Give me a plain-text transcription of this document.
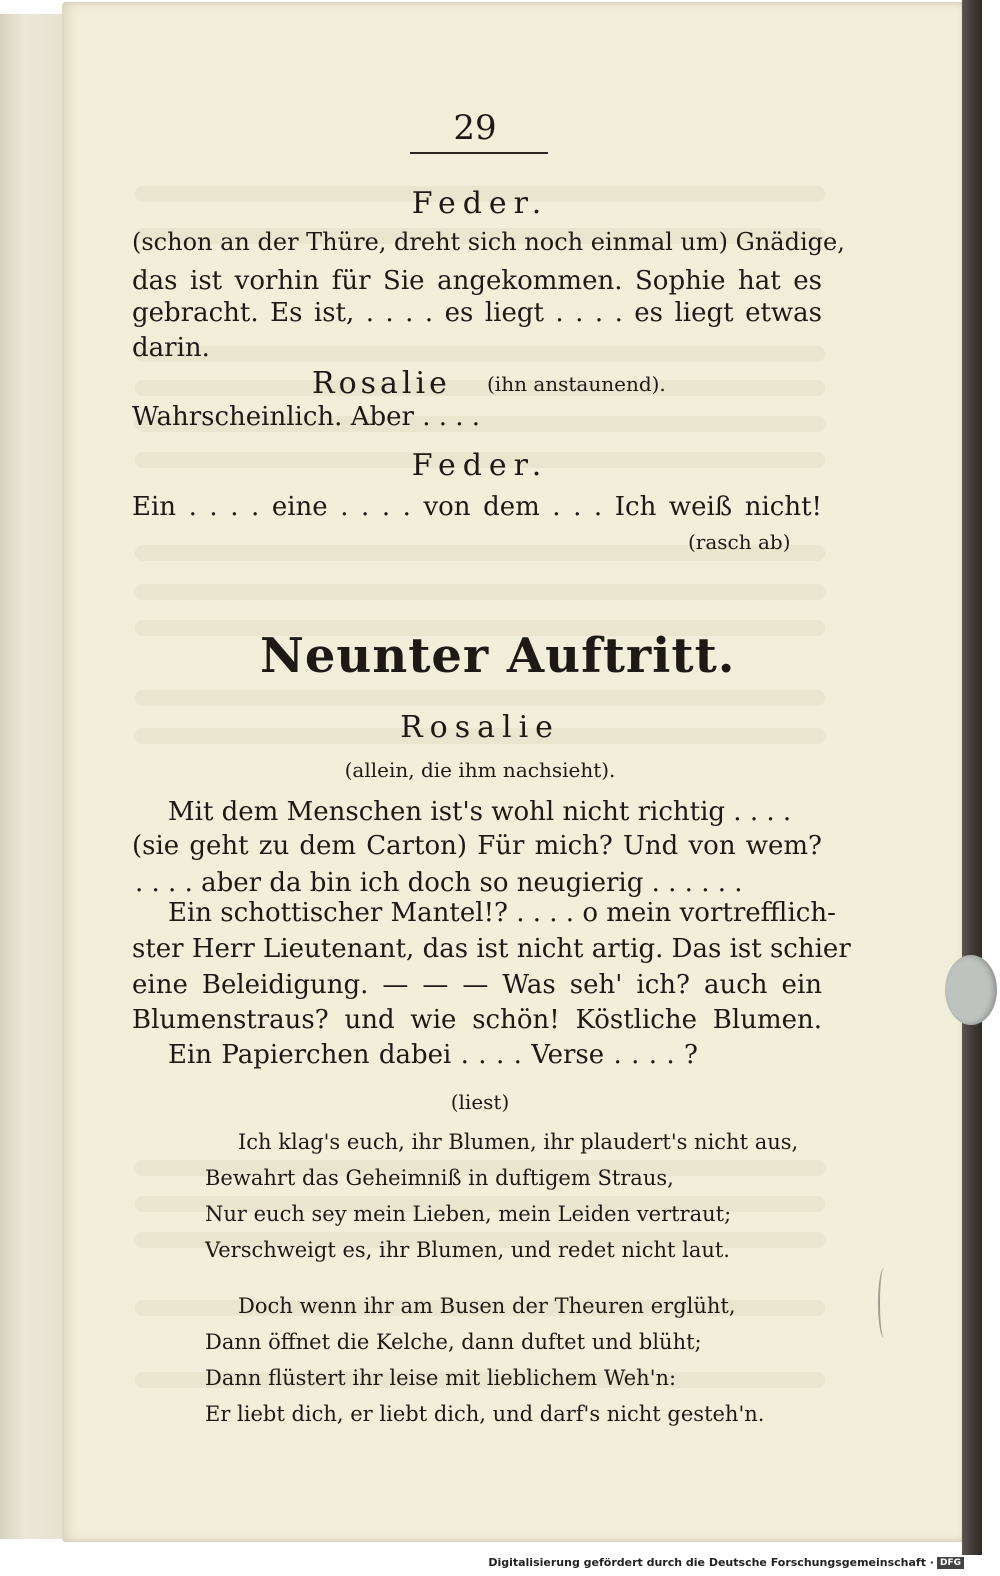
29
Feder.
(schon an der Thüre, dreht sich noch einmal um) Gnädige,
das ist vorhin für Sie angekommen. Sophie hat es
gebracht. Es ist, . . . . es liegt . . . . es liegt etwas
darin.
Rosalie (ihn anstaunend).
Wahrscheinlich. Aber . . . .
Feder.
Ein . . . . eine . . . . von dem . . . Ich weiß nicht!
(rasch ab)
Neunter Auftritt.
Rosalie
(allein, die ihm nachsieht).
Mit dem Menschen ist's wohl nicht richtig . . . .
(sie geht zu dem Carton) Für mich? Und von wem?
. . . . aber da bin ich doch so neugierig . . . . . .
Ein schottischer Mantel!? . . . . o mein vortrefflich-
ster Herr Lieutenant, das ist nicht artig. Das ist schier
eine Beleidigung. — — — Was seh' ich? auch ein
Blumenstraus? und wie schön! Köstliche Blumen.
Ein Papierchen dabei . . . . Verse . . . . ?
(liest)
Ich klag's euch, ihr Blumen, ihr plaudert's nicht aus,
Bewahrt das Geheimniß in duftigem Straus,
Nur euch sey mein Lieben, mein Leiden vertraut;
Verschweigt es, ihr Blumen, und redet nicht laut.
Doch wenn ihr am Busen der Theuren erglüht,
Dann öffnet die Kelche, dann duftet und blüht;
Dann flüstert ihr leise mit lieblichem Weh'n:
Er liebt dich, er liebt dich, und darf's nicht gesteh'n.
Digitalisierung gefördert durch die Deutsche Forschungsgemeinschaft · DFG
